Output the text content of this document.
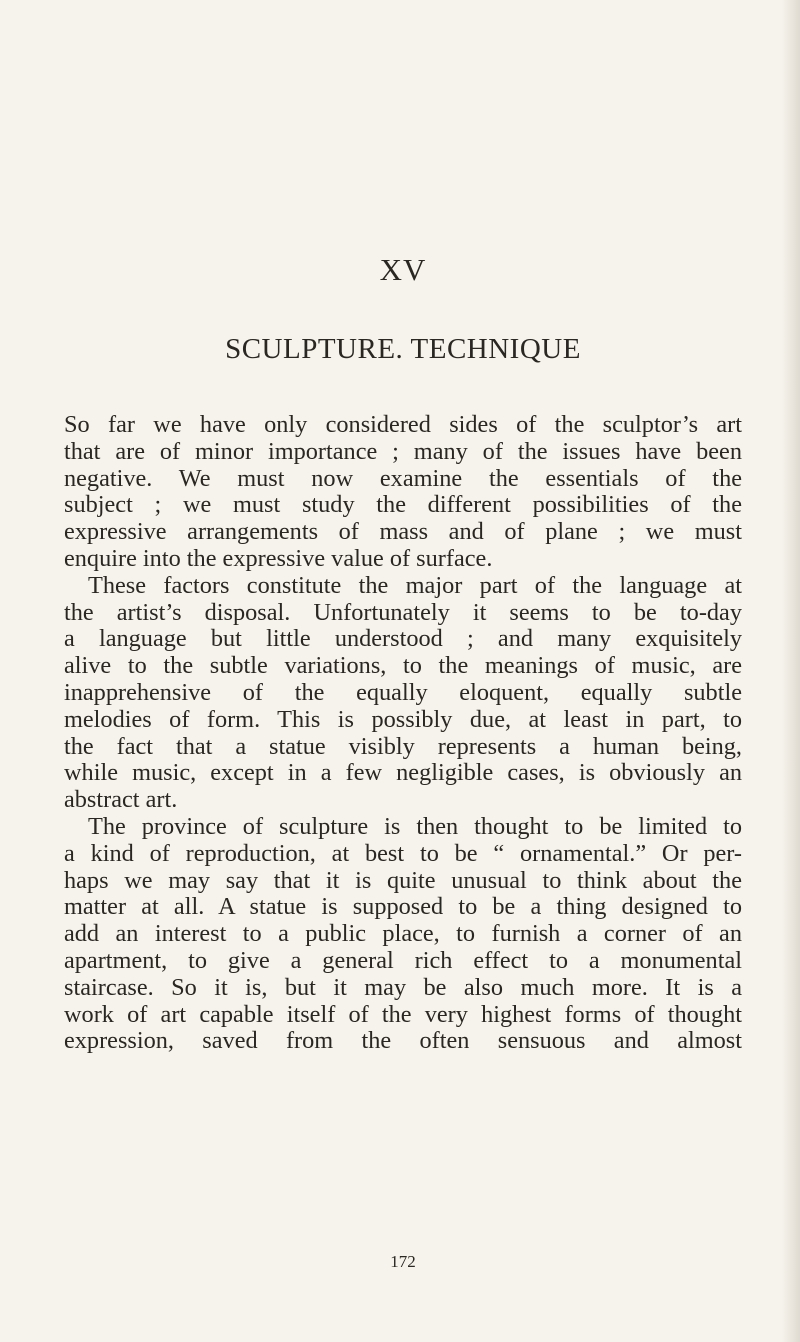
XV
SCULPTURE. TECHNIQUE
So far we have only considered sides of the sculptor’s art
that are of minor importance ; many of the issues have been
negative. We must now examine the essentials of the
subject ; we must study the different possibilities of the
expressive arrangements of mass and of plane ; we must
enquire into the expressive value of surface.
These factors constitute the major part of the language at
the artist’s disposal. Unfortunately it seems to be to-day
a language but little understood ; and many exquisitely
alive to the subtle variations, to the meanings of music, are
inapprehensive of the equally eloquent, equally subtle
melodies of form. This is possibly due, at least in part, to
the fact that a statue visibly represents a human being,
while music, except in a few negligible cases, is obviously an
abstract art.
The province of sculpture is then thought to be limited to
a kind of reproduction, at best to be “ ornamental.” Or per-
haps we may say that it is quite unusual to think about the
matter at all. A statue is supposed to be a thing designed to
add an interest to a public place, to furnish a corner of an
apartment, to give a general rich effect to a monumental
staircase. So it is, but it may be also much more. It is a
work of art capable itself of the very highest forms of thought
expression, saved from the often sensuous and almost
172
